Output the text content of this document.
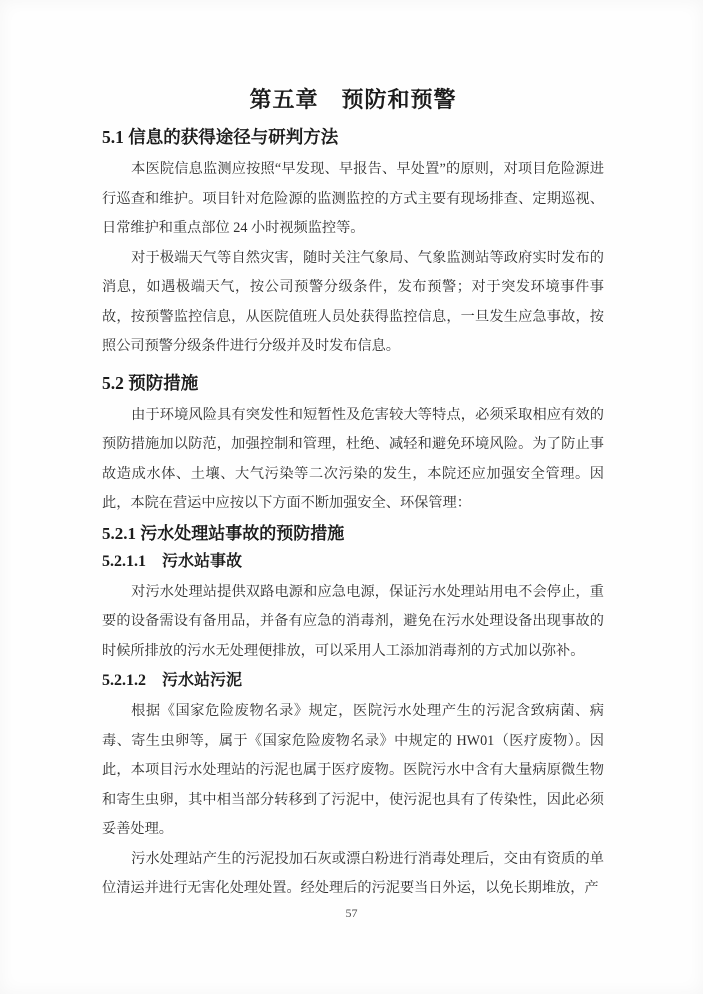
第五章　预防和预警
5.1 信息的获得途径与研判方法

本医院信息监测应按照“早发现、早报告、早处置”的原则，对项目危险源进行巡查和维护。项目针对危险源的监测监控的方式主要有现场排查、定期巡视、日常维护和重点部位 24 小时视频监控等。

对于极端天气等自然灾害，随时关注气象局、气象监测站等政府实时发布的消息，如遇极端天气，按公司预警分级条件，发布预警；对于突发环境事件事故，按预警监控信息，从医院值班人员处获得监控信息，一旦发生应急事故，按照公司预警分级条件进行分级并及时发布信息。

5.2 预防措施

由于环境风险具有突发性和短暂性及危害较大等特点，必须采取相应有效的预防措施加以防范，加强控制和管理，杜绝、减轻和避免环境风险。为了防止事故造成水体、土壤、大气污染等二次污染的发生，本院还应加强安全管理。因此，本院在营运中应按以下方面不断加强安全、环保管理：

5.2.1 污水处理站事故的预防措施
5.2.1.1　污水站事故

对污水处理站提供双路电源和应急电源，保证污水处理站用电不会停止，重要的设备需设有备用品，并备有应急的消毒剂，避免在污水处理设备出现事故的时候所排放的污水无处理便排放，可以采用人工添加消毒剂的方式加以弥补。

5.2.1.2　污水站污泥

根据《国家危险废物名录》规定，医院污水处理产生的污泥含致病菌、病毒、寄生虫卵等，属于《国家危险废物名录》中规定的 HW01（医疗废物）。因此，本项目污水处理站的污泥也属于医疗废物。医院污水中含有大量病原微生物和寄生虫卵，其中相当部分转移到了污泥中，使污泥也具有了传染性，因此必须妥善处理。

污水处理站产生的污泥投加石灰或漂白粉进行消毒处理后，交由有资质的单位清运并进行无害化处理处置。经处理后的污泥要当日外运，以免长期堆放，产

57
